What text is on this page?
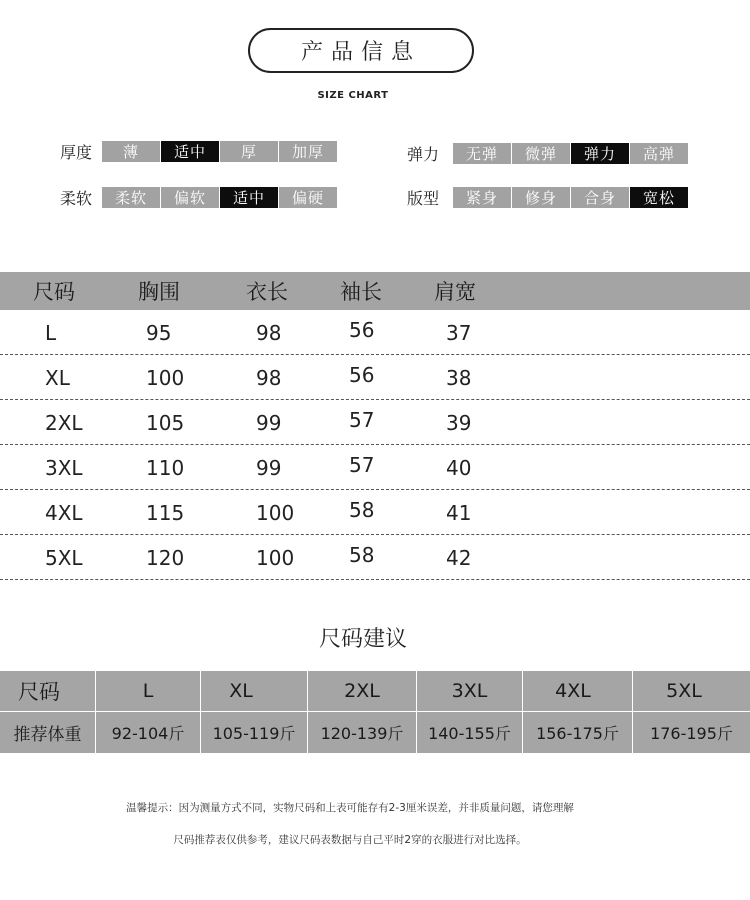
产品信息
SIZE CHART
厚度	薄	适中	厚	加厚	弹力	无弹	微弹	弹力	高弹
柔软	柔软	偏软	适中	偏硬	版型	紧身	修身	合身	宽松
尺码	胸围	衣长 袖长 肩宽
L	95	98	56	37
XL	100	98	56	38
2XL	105	99	57	39
3XL	110	99	57	40
4XL	115	100	58	41
5XL	120	100	58	42
尺码建议
尺码	L	XL	2XL	3XL	4XL	5XL
推荐体重	92-104斤	105-119斤	120-139斤	140-155斤	156-175斤	176-195斤
温馨提示：因为测量方式不同，实物尺码和上表可能存有2-3厘米误差，并非质量问题，请您理解
尺码推荐表仅供参考，建议尺码表数据与自己平时2穿的衣服进行对比选择。
